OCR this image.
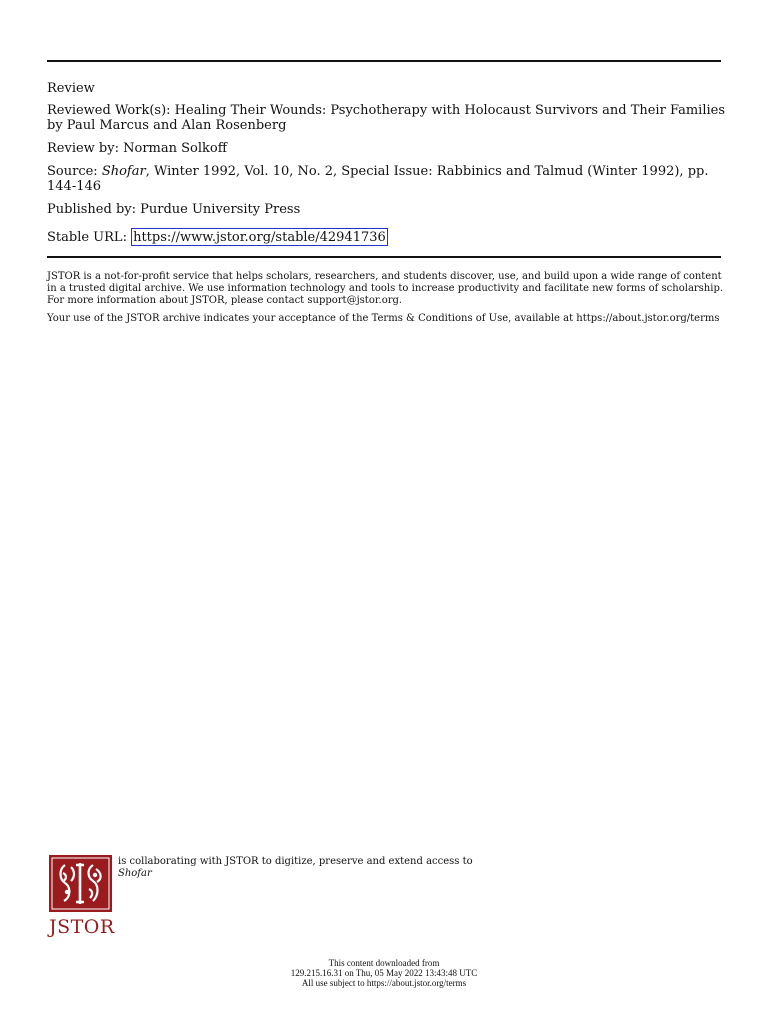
Review
Reviewed Work(s): Healing Their Wounds: Psychotherapy with Holocaust Survivors and Their Families by Paul Marcus and Alan Rosenberg
Review by: Norman Solkoff
Source: Shofar, Winter 1992, Vol. 10, No. 2, Special Issue: Rabbinics and Talmud (Winter 1992), pp. 144-146
Published by: Purdue University Press
Stable URL: https://www.jstor.org/stable/42941736

JSTOR is a not-for-profit service that helps scholars, researchers, and students discover, use, and build upon a wide range of content in a trusted digital archive. We use information technology and tools to increase productivity and facilitate new forms of scholarship. For more information about JSTOR, please contact support@jstor.org.

Your use of the JSTOR archive indicates your acceptance of the Terms & Conditions of Use, available at https://about.jstor.org/terms

JSTOR
is collaborating with JSTOR to digitize, preserve and extend access to
Shofar

This content downloaded from

129.215.16.31 on Thu, 05 May 2022 13:43:48 UTC

All use subject to https://about.jstor.org/terms
